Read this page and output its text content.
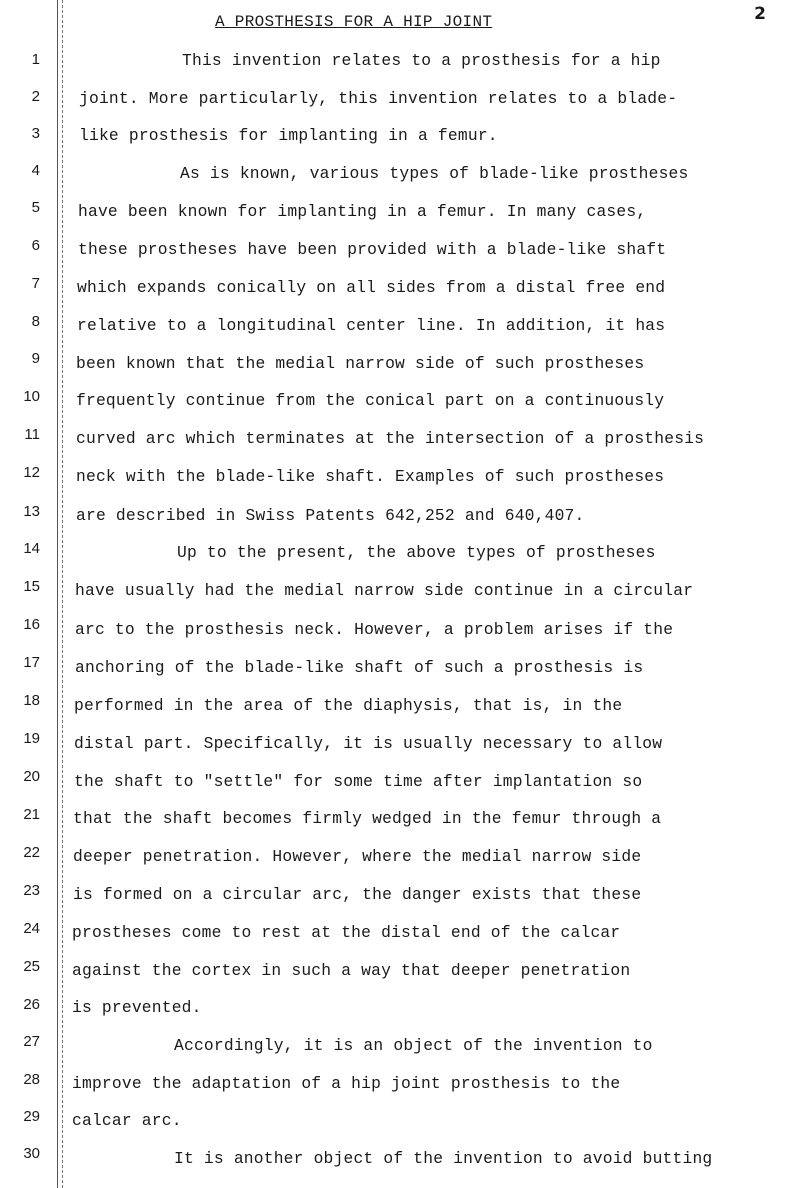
A PROSTHESIS FOR A HIP JOINT	2
1
2
3
4
5
6
7
8
9
10
11
12
13
14
15
16
17
18
19
20
21
22
23
24
25
26
27
28
29
30
This invention relates to a prosthesis for a hip
joint. More particularly, this invention relates to a blade-
like prosthesis for implanting in a femur.
As is known, various types of blade-like prostheses
have been known for implanting in a femur. In many cases,
these prostheses have been provided with a blade-like shaft
which expands conically on all sides from a distal free end
relative to a longitudinal center line. In addition, it has
been known that the medial narrow side of such prostheses
frequently continue from the conical part on a continuously
curved arc which terminates at the intersection of a prosthesis
neck with the blade-like shaft. Examples of such prostheses
are described in Swiss Patents 642,252 and 640,407.
Up to the present, the above types of prostheses
have usually had the medial narrow side continue in a circular
arc to the prosthesis neck. However, a problem arises if the
anchoring of the blade-like shaft of such a prosthesis is
performed in the area of the diaphysis, that is, in the
distal part. Specifically, it is usually necessary to allow
the shaft to "settle" for some time after implantation so
that the shaft becomes firmly wedged in the femur through a
deeper penetration. However, where the medial narrow side
is formed on a circular arc, the danger exists that these
prostheses come to rest at the distal end of the calcar
against the cortex in such a way that deeper penetration
is prevented.
Accordingly, it is an object of the invention to
improve the adaptation of a hip joint prosthesis to the
calcar arc.
It is another object of the invention to avoid butting
